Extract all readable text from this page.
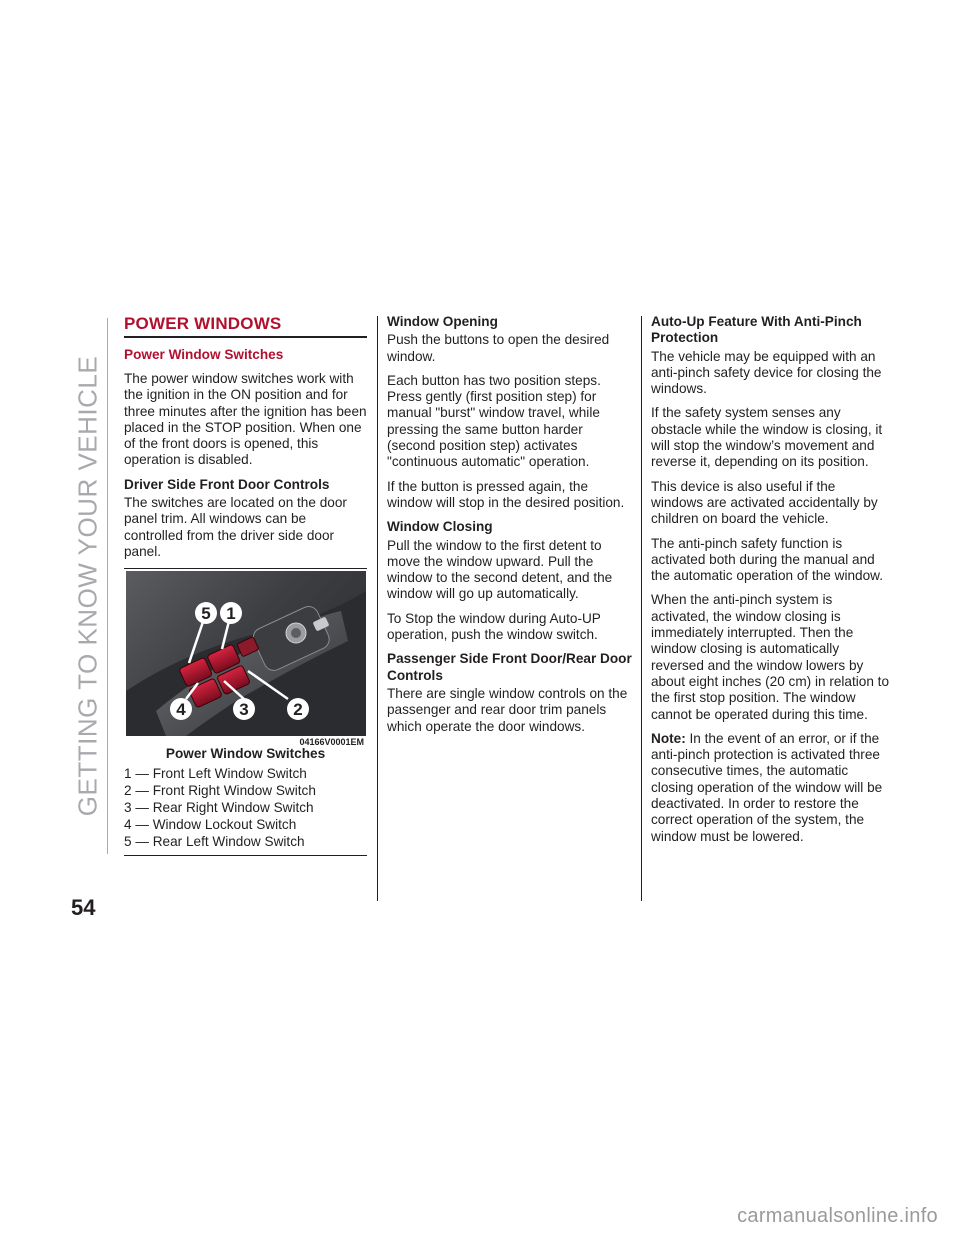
GETTING TO KNOW YOUR VEHICLE
POWER WINDOWS
Power Window Switches

The power window switches work with the ignition in the ON position and for three minutes after the ignition has been placed in the STOP position. When one of the front doors is opened, this operation is disabled.

Driver Side Front Door Controls

The switches are located on the door panel trim. All windows can be controlled from the driver side door panel.

5 1
4	3	2
04166V0001EM
Power Window Switches
1 — Front Left Window Switch
2 — Front Right Window Switch
3 — Rear Right Window Switch
4 — Window Lockout Switch
5 — Rear Left Window Switch
Window Opening

Push the buttons to open the desired window.

Each button has two position steps. Press gently (first position step) for manual "burst" window travel, while pressing the same button harder (second position step) activates "continuous automatic" operation.

If the button is pressed again, the window will stop in the desired position.

Window Closing

Pull the window to the first detent to move the window upward. Pull the window to the second detent, and the window will go up automatically.

To Stop the window during Auto-UP operation, push the window switch.

Passenger Side Front Door/Rear Door Controls

There are single window controls on the passenger and rear door trim panels which operate the door windows.

Auto-Up Feature With Anti-Pinch Protection

The vehicle may be equipped with an anti-pinch safety device for closing the windows.

If the safety system senses any obstacle while the window is closing, it will stop the window’s movement and reverse it, depending on its position.

This device is also useful if the windows are activated accidentally by children on board the vehicle.

The anti-pinch safety function is activated both during the manual and the automatic operation of the window.

When the anti-pinch system is activated, the window closing is immediately interrupted. Then the window closing is automatically reversed and the window lowers by about eight inches (20 cm) in relation to the first stop position. The window cannot be operated during this time.

Note: In the event of an error, or if the anti-pinch protection is activated three consecutive times, the automatic closing operation of the window will be deactivated. In order to restore the correct operation of the system, the window must be lowered.

54
carmanualsonline.info
